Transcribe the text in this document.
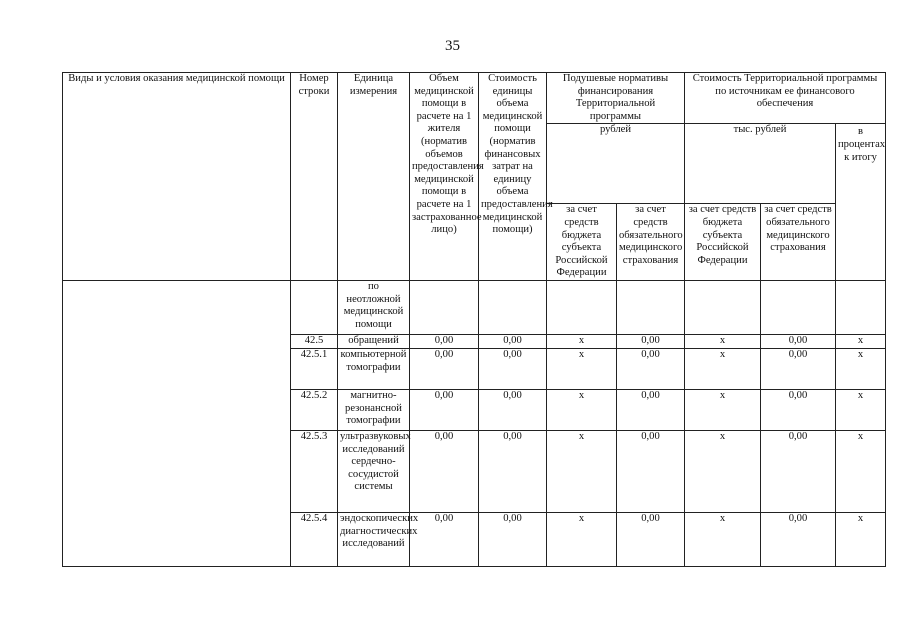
35
Виды и условия оказания медицинской помощи	Номер строки	Единица измерения	Объем медицинской помощи в расчете на 1 жителя (норматив объемов предоставления медицинской помощи в расчете на 1 застрахованное лицо)	Стоимость единицы объема медицинской помощи (норматив финансовых затрат на единицу объема предоставления медицинской помощи)	Подушевые нормативы финансирования Территориальной программы		Стоимость Территориальной программы по источникам ее финансового обеспечения		
					рублей		тыс. рублей		в процентах к итогу
					за счет средств бюджета субъекта Российской Федерации	за счет средств обязательного медицинского страхования	за счет средств бюджета субъекта Российской Федерации	за счет средств обязательного медицинского страхования	
		по неотложной медицинской помощи							
	42.5	обращений	0,00	0,00	x	0,00	x	0,00	x
	42.5.1	компьютерной томографии	0,00	0,00	x	0,00	x	0,00	x
	42.5.2	магнитно-резонансной томографии	0,00	0,00	x	0,00	x	0,00	x
	42.5.3	ультразвуковых исследований сердечно-сосудистой системы	0,00	0,00	x	0,00	x	0,00	x
	42.5.4	эндоскопических диагностических исследований	0,00	0,00	x	0,00	x	0,00	x
